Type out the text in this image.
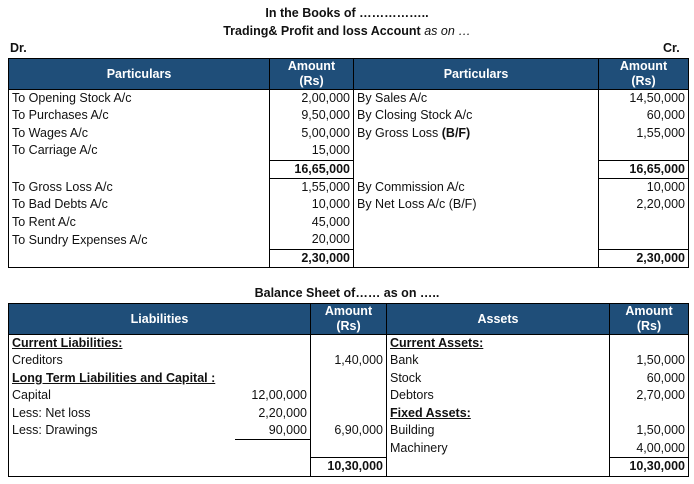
In the Books of ……………..
Trading& Profit and loss Account as on …
Dr.	Cr.
Particulars	Amount	Particulars	Amount
	(Rs)		(Rs)
To Opening Stock A/c	2,00,000	By Sales A/c	14,50,000
To Purchases A/c	9,50,000	By Closing Stock A/c	60,000
To Wages A/c	5,00,000	By Gross Loss (B/F)	1,55,000
To Carriage A/c	15,000		
	16,65,000		16,65,000
To Gross Loss A/c	1,55,000	By Commission A/c	10,000
To Bad Debts A/c	10,000	By Net Loss A/c (B/F)	2,20,000
To Rent A/c	45,000		
To Sundry Expenses A/c	20,000		
	2,30,000		2,30,000
Balance Sheet of…… as on …..
Liabilities		Amount	Assets	Amount
		(Rs)		(Rs)
Current Liabilities:			Current Assets:	
Creditors		1,40,000	Bank	1,50,000
Long Term Liabilities and Capital :			Stock	60,000
Capital	12,00,000		Debtors	2,70,000
Less: Net loss	2,20,000		Fixed Assets:	
Less: Drawings	90,000	6,90,000	Building	1,50,000
			Machinery	4,00,000
		10,30,000		10,30,000
